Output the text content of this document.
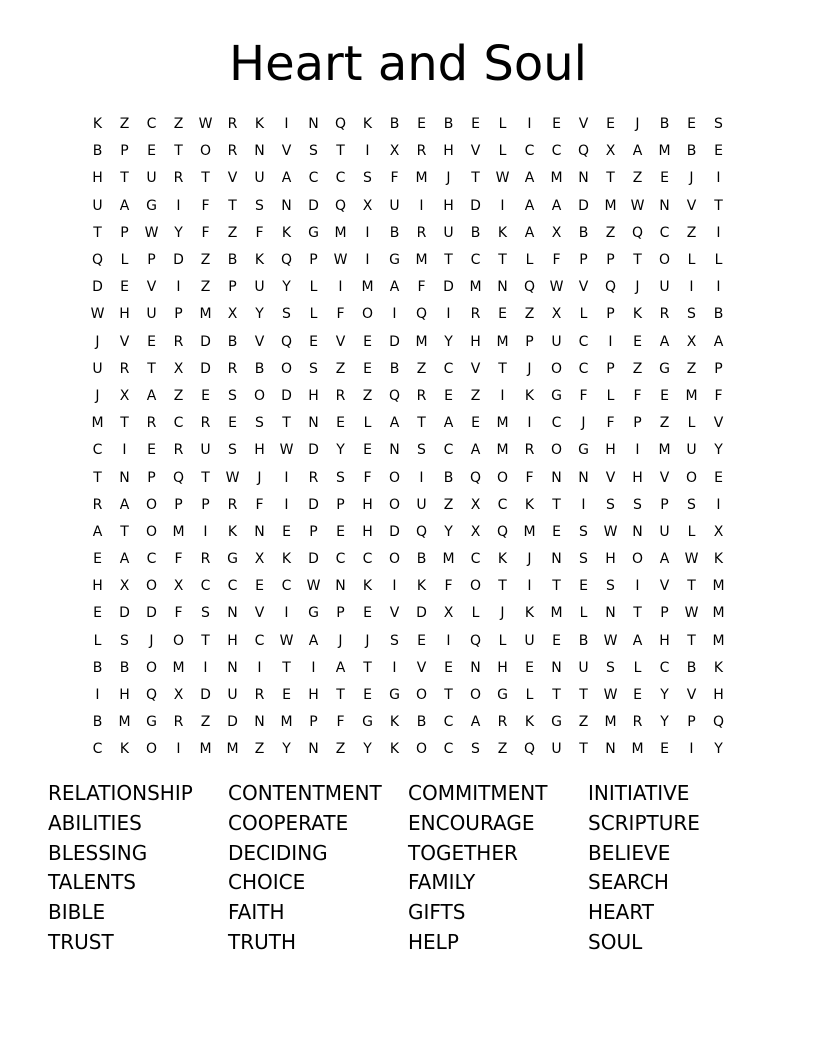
Heart and Soul
K	Z	C	Z	W	R	K	I	N	Q	K	B	E	B	E	L	I	E	V	E	J	B	E	S
B	P	E	T	O	R	N	V	S	T	I	X	R	H	V	L	C	C	Q	X	A	M	B	E
H	T	U	R	T	V	U	A	C	C	S	F	M	J	T	W	A	M	N	T	Z	E	J	I
U	A	G	I	F	T	S	N	D	Q	X	U	I	H	D	I	A	A	D	M	W	N	V	T
T	P	W	Y	F	Z	F	K	G	M	I	B	R	U	B	K	A	X	B	Z	Q	C	Z	I
Q	L	P	D	Z	B	K	Q	P	W	I	G	M	T	C	T	L	F	P	P	T	O	L	L
D	E	V	I	Z	P	U	Y	L	I	M	A	F	D	M	N	Q	W	V	Q	J	U	I	I
W	H	U	P	M	X	Y	S	L	F	O	I	Q	I	R	E	Z	X	L	P	K	R	S	B
J	V	E	R	D	B	V	Q	E	V	E	D	M	Y	H	M	P	U	C	I	E	A	X	A
U	R	T	X	D	R	B	O	S	Z	E	B	Z	C	V	T	J	O	C	P	Z	G	Z	P
J	X	A	Z	E	S	O	D	H	R	Z	Q	R	E	Z	I	K	G	F	L	F	E	M	F
M	T	R	C	R	E	S	T	N	E	L	A	T	A	E	M	I	C	J	F	P	Z	L	V
C	I	E	R	U	S	H	W	D	Y	E	N	S	C	A	M	R	O	G	H	I	M	U	Y
T	N	P	Q	T	W	J	I	R	S	F	O	I	B	Q	O	F	N	N	V	H	V	O	E
R	A	O	P	P	R	F	I	D	P	H	O	U	Z	X	C	K	T	I	S	S	P	S	I
A	T	O	M	I	K	N	E	P	E	H	D	Q	Y	X	Q	M	E	S	W	N	U	L	X
E	A	C	F	R	G	X	K	D	C	C	O	B	M	C	K	J	N	S	H	O	A	W	K
H	X	O	X	C	C	E	C	W	N	K	I	K	F	O	T	I	T	E	S	I	V	T	M
E	D	D	F	S	N	V	I	G	P	E	V	D	X	L	J	K	M	L	N	T	P	W	M
L	S	J	O	T	H	C	W	A	J	J	S	E	I	Q	L	U	E	B	W	A	H	T	M
B	B	O	M	I	N	I	T	I	A	T	I	V	E	N	H	E	N	U	S	L	C	B	K
I	H	Q	X	D	U	R	E	H	T	E	G	O	T	O	G	L	T	T	W	E	Y	V	H
B	M	G	R	Z	D	N	M	P	F	G	K	B	C	A	R	K	G	Z	M	R	Y	P	Q
C	K	O	I	M	M	Z	Y	N	Z	Y	K	O	C	S	Z	Q	U	T	N	M	E	I	Y
RELATIONSHIP	CONTENTMENT	COMMITMENT	INITIATIVE
ABILITIES	COOPERATE	ENCOURAGE	SCRIPTURE
BLESSING	DECIDING	TOGETHER	BELIEVE
TALENTS	CHOICE	FAMILY	SEARCH
BIBLE	FAITH	GIFTS	HEART
TRUST	TRUTH	HELP	SOUL
